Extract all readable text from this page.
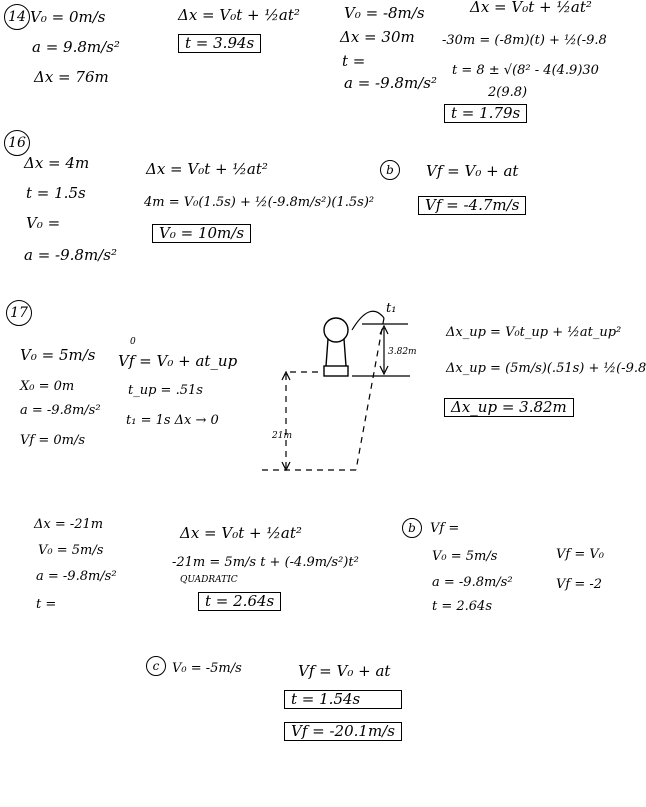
14 V₀ = 0m/s
a = 9.8m/s²
Δx = 76m
Δx = V₀t + ½at²
t = 3.94s
V₀ = -8m/s
Δx = 30m
t =
a = -9.8m/s²
Δx = V₀t + ½at²
-30m = (-8m)(t) + ½(-9.8
t = 8 ± √(8² - 4(4.9)30
2(9.8)
t = 1.79s
16
Δx = 4m
t = 1.5s
V₀ =
a = -9.8m/s²
Δx = V₀t + ½at²
4m = V₀(1.5s) + ½(-9.8m/s²)(1.5s)²
V₀ = 10m/s
b	Vf = V₀ + at
Vf = -4.7m/s
17
V₀ = 5m/s
X₀ = 0m
a = -9.8m/s²
Vf = 0m/s
0
Vf = V₀ + at_up
t_up = .51s
t₁ = 1s Δx → 0
t₁
3.82m
21m
Δx_up = V₀t_up + ½at_up²
Δx_up = (5m/s)(.51s) + ½(-9.8
Δx_up = 3.82m
Δx = -21m
V₀ = 5m/s
a = -9.8m/s²
t =
Δx = V₀t + ½at²
-21m = 5m/s t + (-4.9m/s²)t²
QUADRATIC
t = 2.64s
b	Vf =
V₀ = 5m/s
a = -9.8m/s²
t = 2.64s
Vf = V₀
Vf = -2
c V₀ = -5m/s	Vf = V₀ + at
t = 1.54s
Vf = -20.1m/s
